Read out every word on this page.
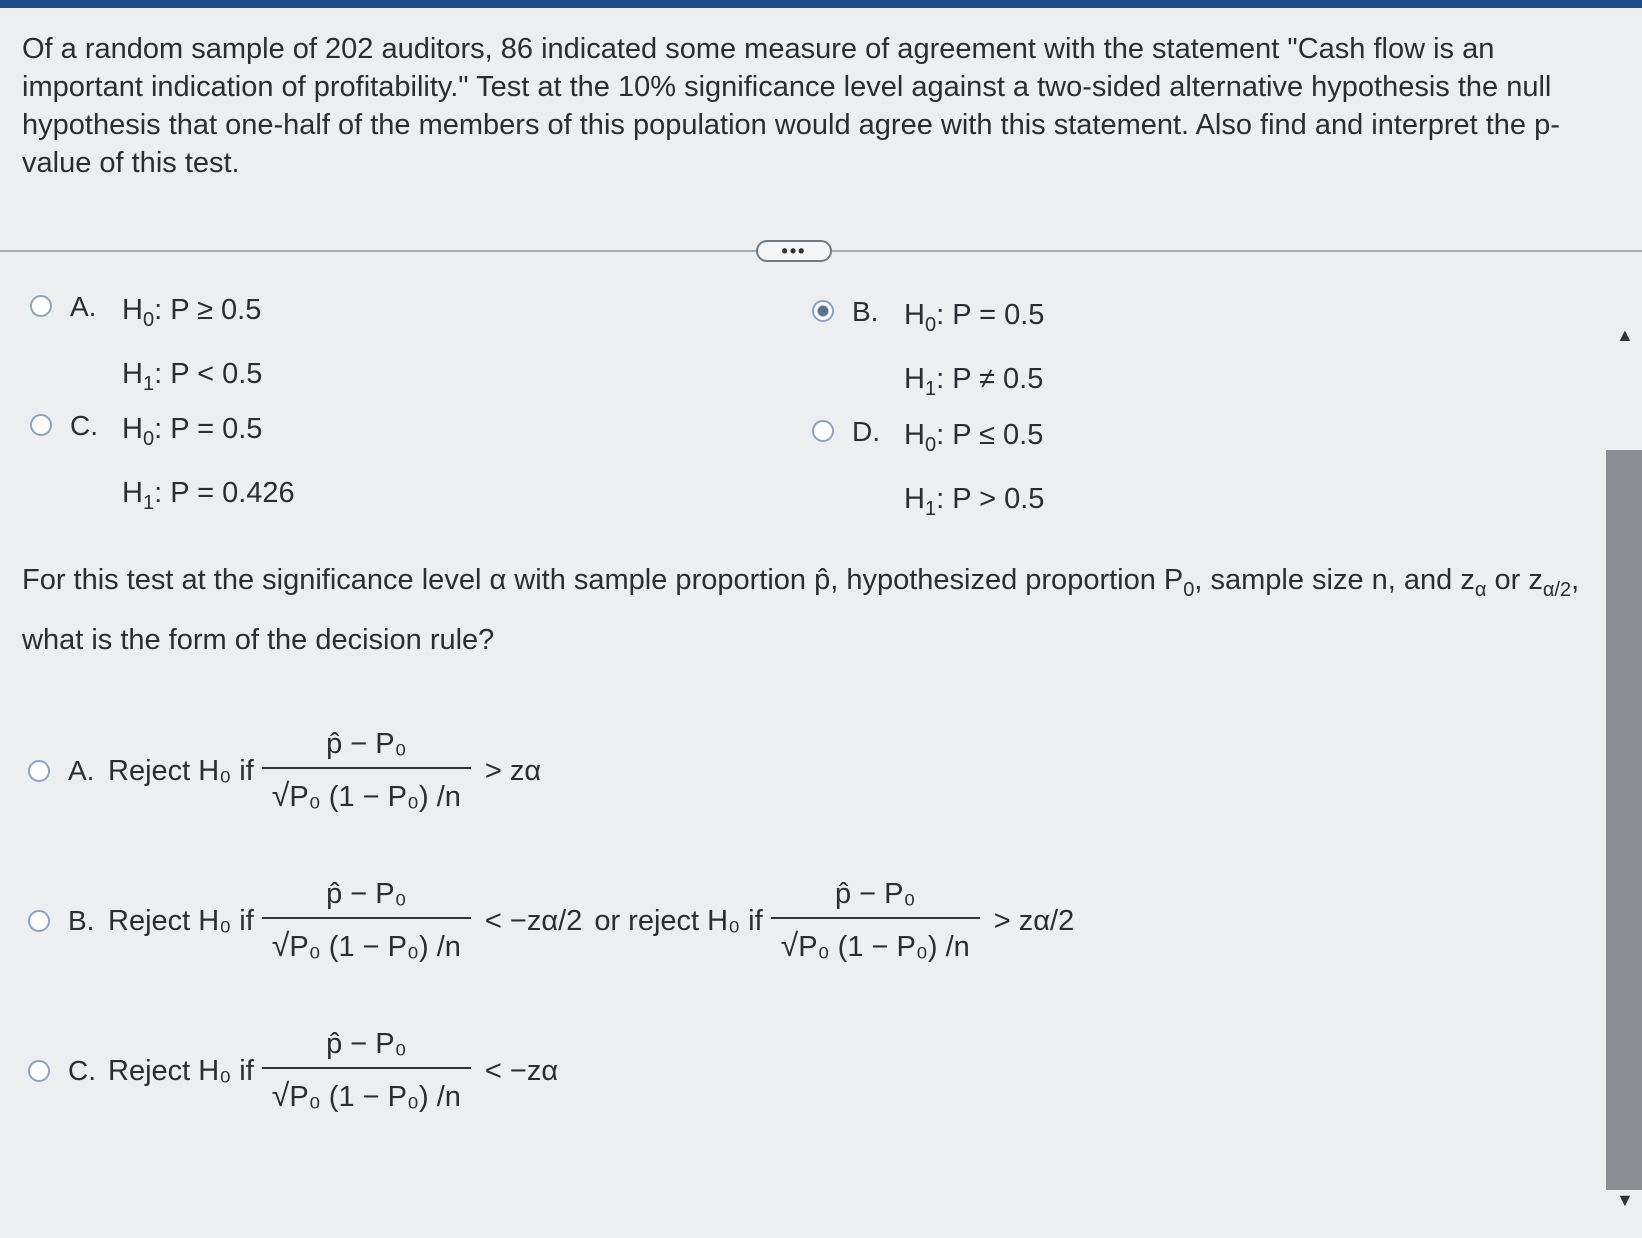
Of a random sample of 202 auditors, 86 indicated some measure of agreement with the statement "Cash flow is an important indication of profitability." Test at the 10% significance level against a two-sided alternative hypothesis the null hypothesis that one-half of the members of this population would agree with this statement. Also find and interpret the p-value of this test.
•••
A. $H_0$: P ≥ 0.5
$H_1$: P < 0.5
B. $H_0$: P = 0.5
$H_1$: P ≠ 0.5
C. $H_0$: P = 0.5
$H_1$: P = 0.426
D. $H_0$: P ≤ 0.5
$H_1$: P > 0.5
For this test at the significance level α with sample proportion p̂, hypothesized proportion $P_0$, sample size n, and $z_\alpha$ or $z_{\alpha/2}$, what is the form of the decision rule?
A. Reject H₀ if $\frac{\text{p̂ − P₀}}{\text{√P₀ (1 − P₀) /n}} > z\alpha$
B. Reject H₀ if $\frac{\text{p̂ − P₀}}{\text{√P₀ (1 − P₀) /n}} < -z\alpha/2$ or reject H₀ if $\frac{\text{p̂ − P₀}}{\text{√P₀ (1 − P₀) /n}} > z\alpha/2$
C. Reject H₀ if $\frac{\text{p̂ − P₀}}{\text{√P₀ (1 − P₀) /n}} < -z\alpha$
▲
▼
